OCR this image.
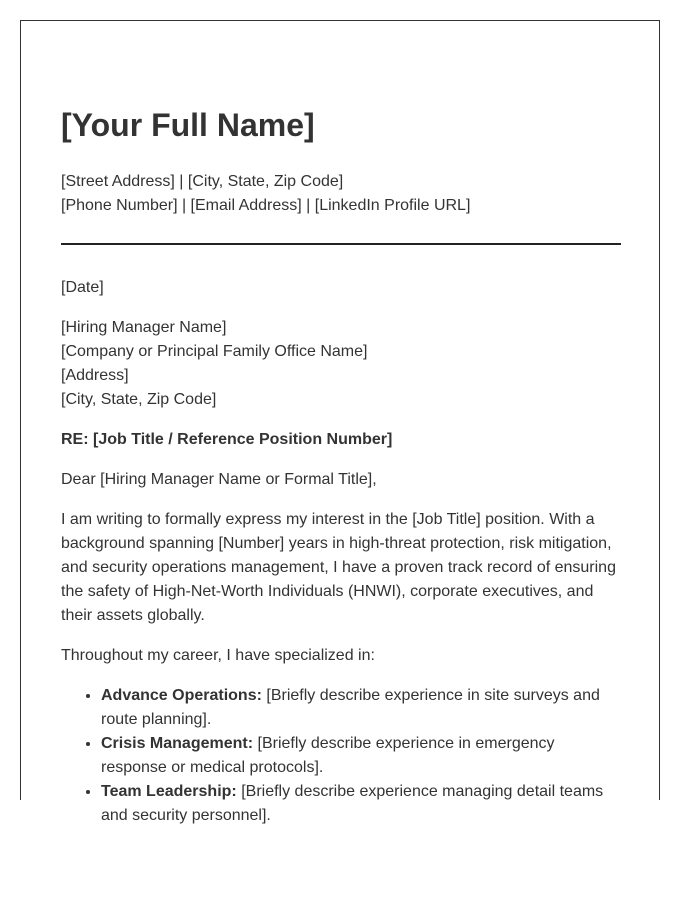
[Your Full Name]
[Street Address] | [City, State, Zip Code]
[Phone Number] | [Email Address] | [LinkedIn Profile URL]

[Date]

[Hiring Manager Name]
[Company or Principal Family Office Name]
[Address]
[City, State, Zip Code]

RE: [Job Title / Reference Position Number]

Dear [Hiring Manager Name or Formal Title],

I am writing to formally express my interest in the [Job Title] position. With a background spanning [Number] years in high-threat protection, risk mitigation, and security operations management, I have a proven track record of ensuring the safety of High-Net-Worth Individuals (HNWI), corporate executives, and their assets globally.

Throughout my career, I have specialized in:

• Advance Operations: [Briefly describe experience in site surveys and route planning].
• Crisis Management: [Briefly describe experience in emergency response or medical protocols].
• Team Leadership: [Briefly describe experience managing detail teams and security personnel].
